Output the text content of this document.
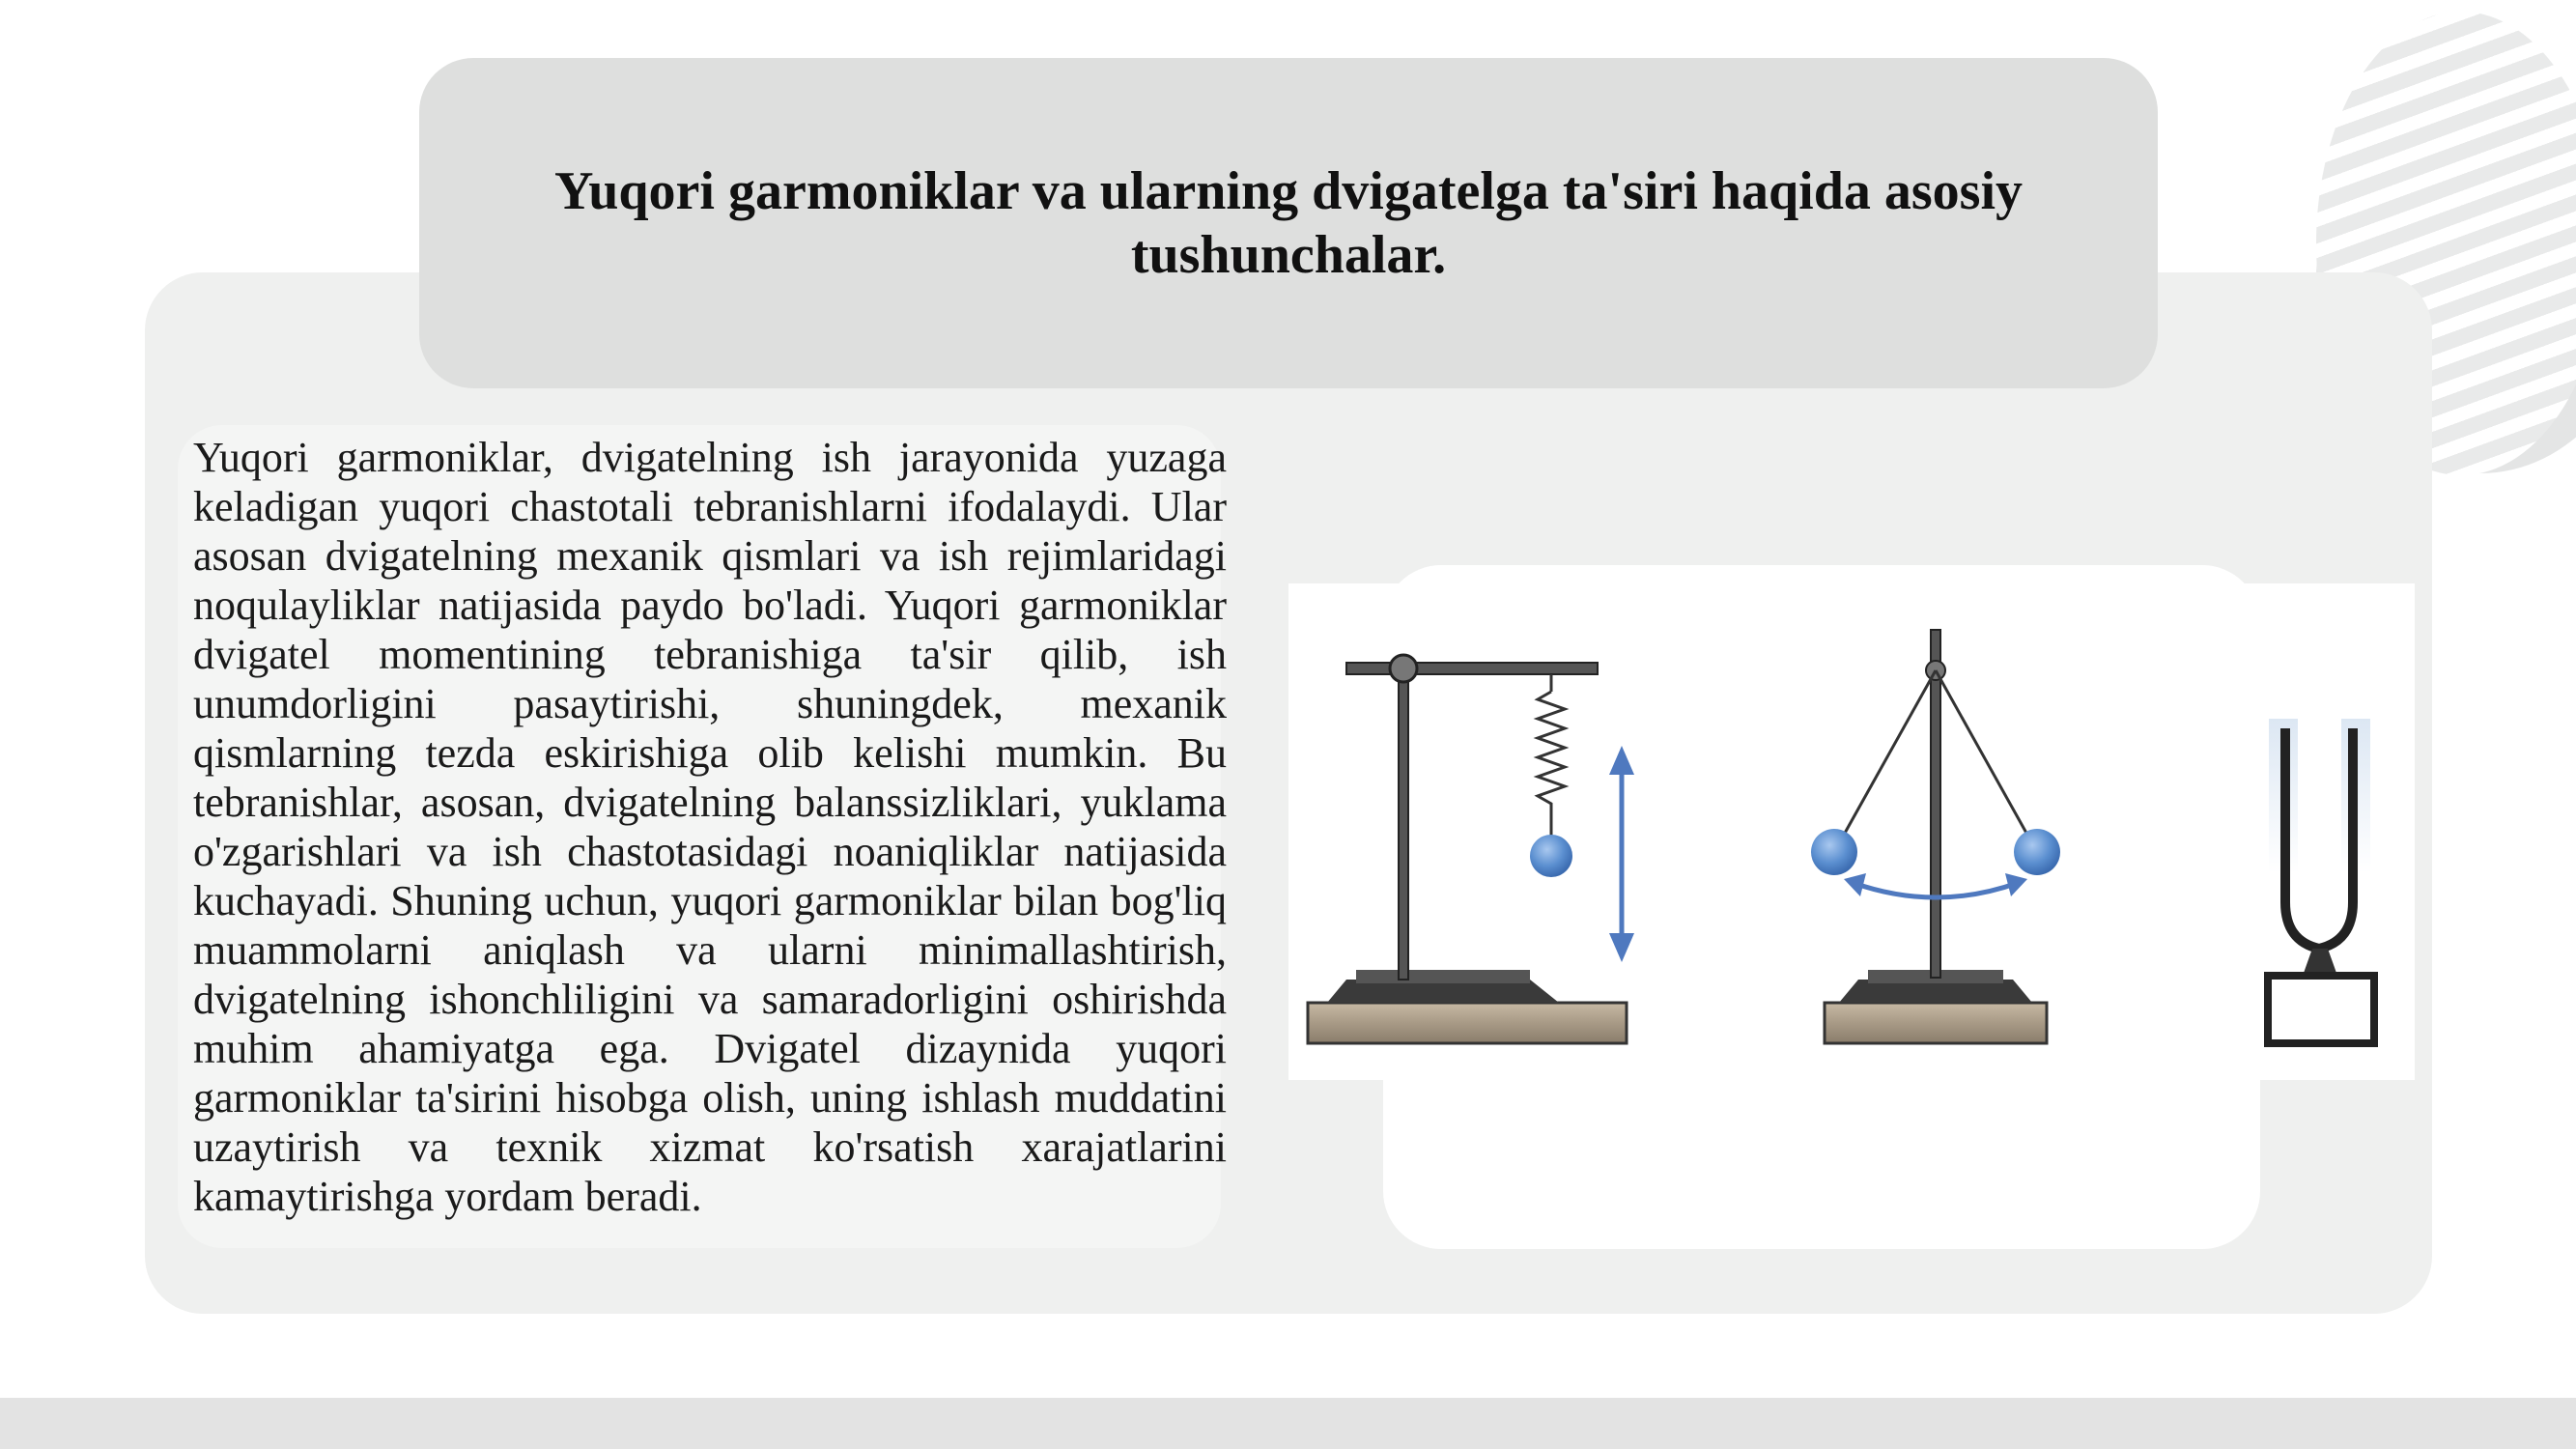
Yuqori garmoniklar va ularning dvigatelga ta'siri haqida asosiy tushunchalar.

Yuqori garmoniklar, dvigatelning ish jarayonida yuzaga keladigan yuqori chastotali tebranishlarni ifodalaydi. Ular asosan dvigatelning mexanik qismlari va ish rejimlaridagi noqulayliklar natijasida paydo bo'ladi. Yuqori garmoniklar dvigatel momentining tebranishiga ta'sir qilib, ish unumdorligini pasaytirishi, shuningdek, mexanik qismlarning tezda eskirishiga olib kelishi mumkin. Bu tebranishlar, asosan, dvigatelning balanssizliklari, yuklama o'zgarishlari va ish chastotasidagi noaniqliklar natijasida kuchayadi. Shuning uchun, yuqori garmoniklar bilan bog'liq muammolarni aniqlash va ularni minimallashtirish, dvigatelning ishonchliligini va samaradorligini oshirishda muhim ahamiyatga ega. Dvigatel dizaynida yuqori garmoniklar ta'sirini hisobga olish, uning ishlash muddatini uzaytirish va texnik xizmat ko'rsatish xarajatlarini kamaytirishga yordam beradi.
